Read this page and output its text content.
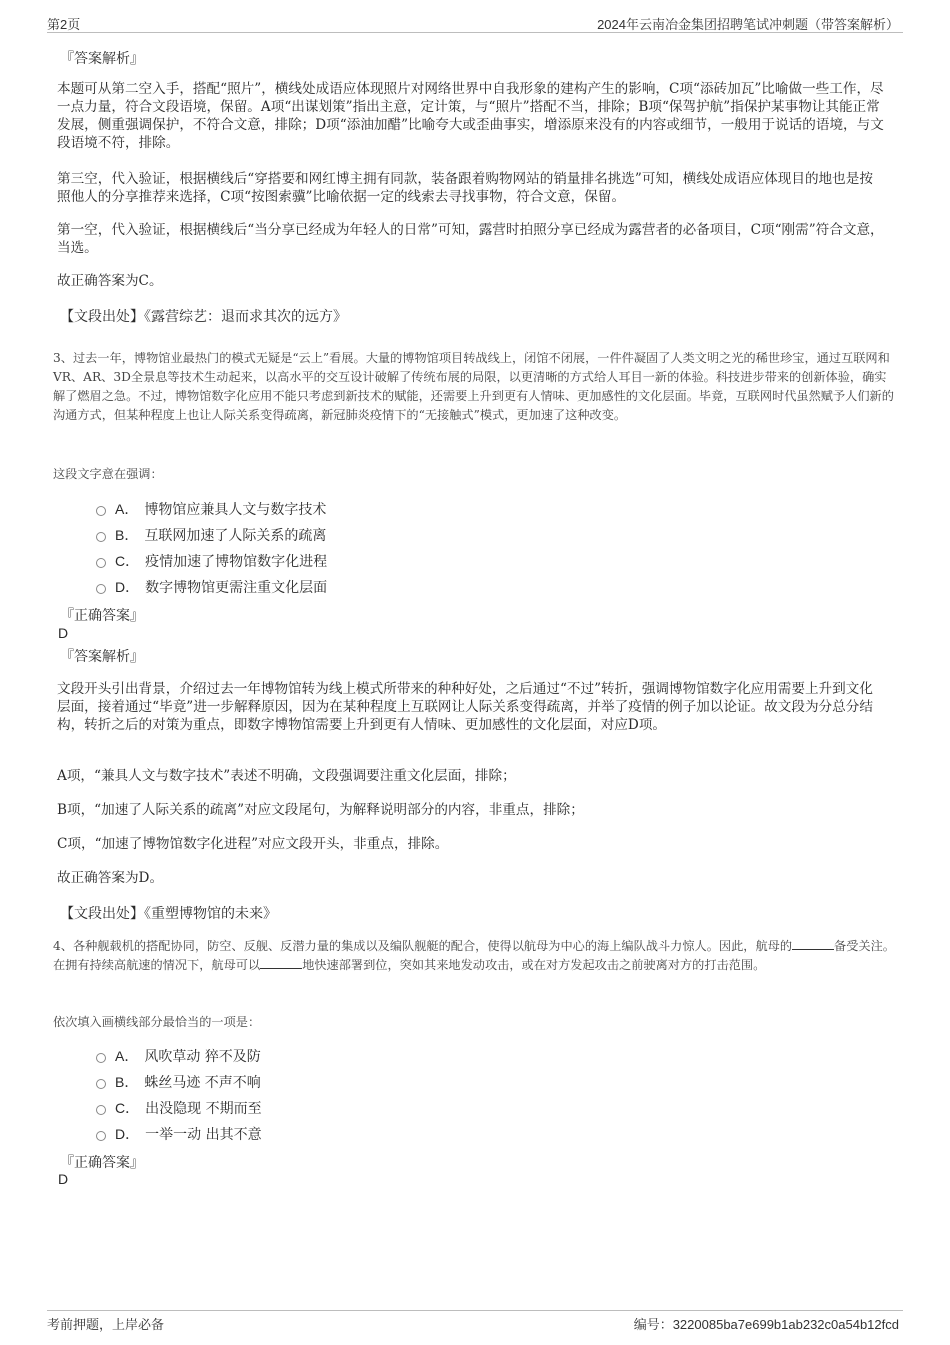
第2页	2024年云南冶金集团招聘笔试冲刺题（带答案解析）
『答案解析』

本题可从第二空入手，搭配“照片”，横线处成语应体现照片对网络世界中自我形象的建构产生的影响，C项“添砖加瓦”比喻做一些工作，尽一点力量，符合文段语境，保留。A项“出谋划策”指出主意，定计策，与“照片”搭配不当，排除；B项“保驾护航”指保护某事物让其能正常发展，侧重强调保护，不符合文意，排除；D项“添油加醋”比喻夸大或歪曲事实，增添原来没有的内容或细节，一般用于说话的语境，与文段语境不符，排除。

第三空，代入验证，根据横线后“穿搭要和网红博主拥有同款，装备跟着购物网站的销量排名挑选”可知，横线处成语应体现目的地也是按照他人的分享推荐来选择，C项“按图索骥”比喻依据一定的线索去寻找事物，符合文意，保留。

第一空，代入验证，根据横线后“当分享已经成为年轻人的日常”可知，露营时拍照分享已经成为露营者的必备项目，C项“刚需”符合文意，当选。

故正确答案为C。

【文段出处】《露营综艺：退而求其次的远方》
3、过去一年，博物馆业最热门的模式无疑是“云上”看展。大量的博物馆项目转战线上，闭馆不闭展，一件件凝固了人类文明之光的稀世珍宝，通过互联网和VR、AR、3D全景息等技术生动起来，以高水平的交互设计破解了传统布展的局限，以更清晰的方式给人耳目一新的体验。科技进步带来的创新体验，确实解了燃眉之急。不过，博物馆数字化应用不能只考虑到新技术的赋能，还需要上升到更有人情味、更加感性的文化层面。毕竟，互联网时代虽然赋予人们新的沟通方式，但某种程度上也让人际关系变得疏离，新冠肺炎疫情下的“无接触式”模式，更加速了这种改变。
这段文字意在强调：
A． 博物馆应兼具人文与数字技术
B． 互联网加速了人际关系的疏离
C． 疫情加速了博物馆数字化进程
D． 数字博物馆更需注重文化层面
『正确答案』
D
『答案解析』

文段开头引出背景，介绍过去一年博物馆转为线上模式所带来的种种好处，之后通过“不过”转折，强调博物馆数字化应用需要上升到文化层面，接着通过“毕竟”进一步解释原因，因为在某种程度上互联网让人际关系变得疏离，并举了疫情的例子加以论证。故文段为分总分结构，转折之后的对策为重点，即数字博物馆需要上升到更有人情味、更加感性的文化层面，对应D项。

A项，“兼具人文与数字技术”表述不明确，文段强调要注重文化层面，排除；

B项，“加速了人际关系的疏离”对应文段尾句，为解释说明部分的内容，非重点，排除；

C项，“加速了博物馆数字化进程”对应文段开头，非重点，排除。

故正确答案为D。

【文段出处】《重塑博物馆的未来》
4、各种舰载机的搭配协同，防空、反舰、反潜力量的集成以及编队舰艇的配合，使得以航母为中心的海上编队战斗力惊人。因此，航母的	备受关注。在拥有持续高航速的情况下，航母可以	地快速部署到位，突如其来地发动攻击，或在对方发起攻击之前驶离对方的打击范围。
依次填入画横线部分最恰当的一项是：
A． 风吹草动 猝不及防
B． 蛛丝马迹 不声不响
C． 出没隐现 不期而至
D． 一举一动 出其不意
『正确答案』
D
考前押题，上岸必备	编号：3220085ba7e699b1ab232c0a54b12fcd
